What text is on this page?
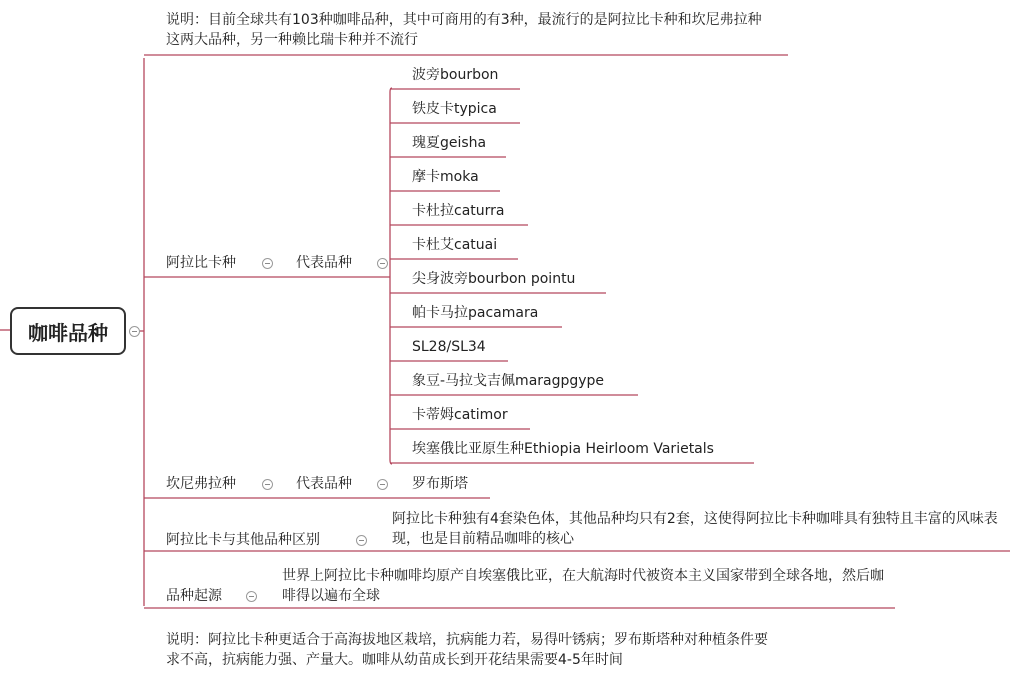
咖啡品种
说明：目前全球共有103种咖啡品种，其中可商用的有3种，最流行的是阿拉比卡种和坎尼弗拉种这两大品种，另一种赖比瑞卡种并不流行
阿拉比卡种	代表品种
波旁bourbon
铁皮卡typica
瑰夏geisha
摩卡moka
卡杜拉caturra
卡杜艾catuai
尖身波旁bourbon pointu
帕卡马拉pacamara
SL28/SL34
象豆-马拉戈吉佩maragpgype
卡蒂姆catimor
埃塞俄比亚原生种Ethiopia Heirloom Varietals
坎尼弗拉种	代表品种	罗布斯塔
阿拉比卡与其他品种区别
阿拉比卡种独有4套染色体，其他品种均只有2套，这使得阿拉比卡种咖啡具有独特且丰富的风味表现，也是目前精品咖啡的核心
品种起源
世界上阿拉比卡种咖啡均原产自埃塞俄比亚，在大航海时代被资本主义国家带到全球各地，然后咖啡得以遍布全球
说明：阿拉比卡种更适合于高海拔地区栽培，抗病能力若，易得叶锈病；罗布斯塔种对种植条件要求不高，抗病能力强、产量大。咖啡从幼苗成长到开花结果需要4-5年时间
